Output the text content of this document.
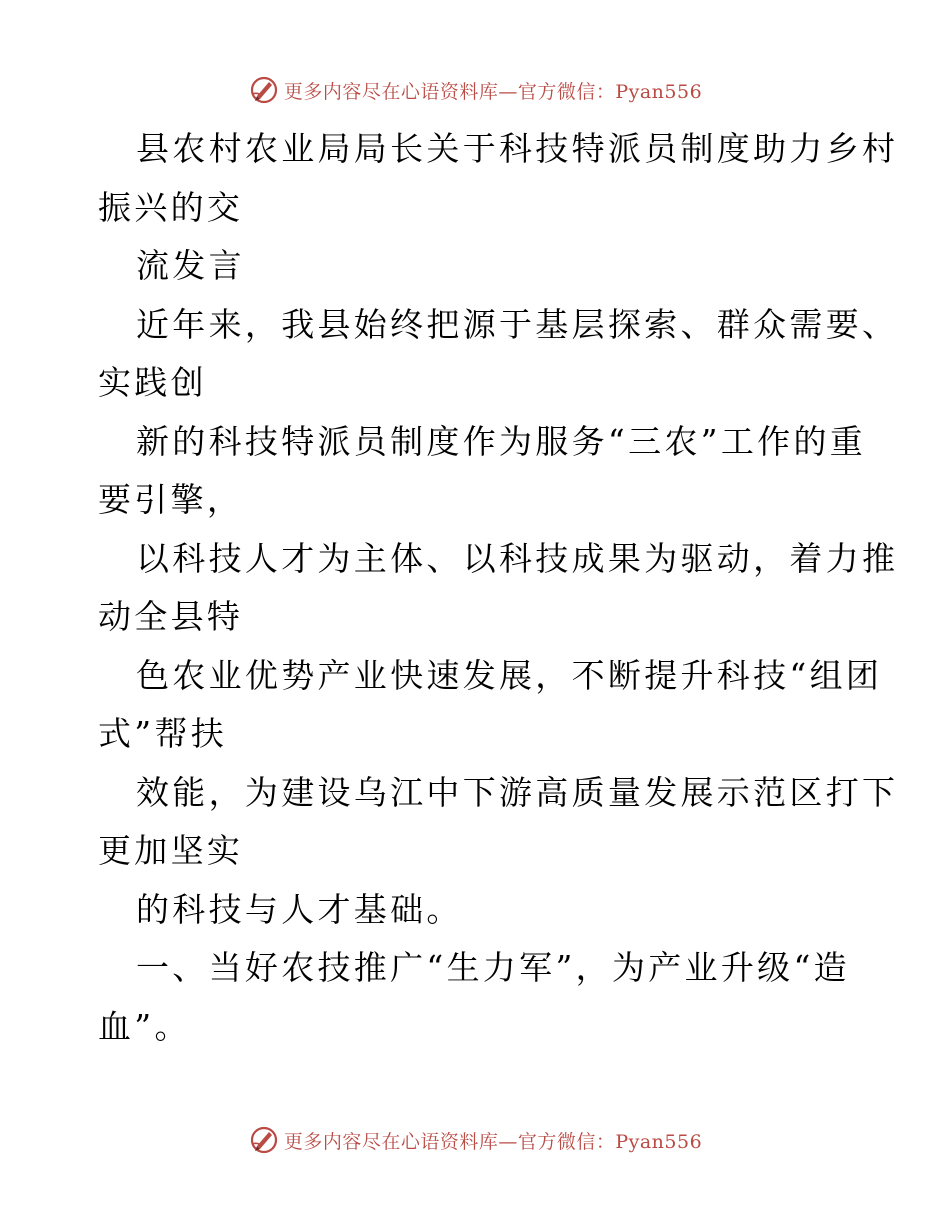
更多内容尽在心语资料库—官方微信：Pyan556
县农村农业局局长关于科技特派员制度助力乡村
振兴的交
流发言
近年来，我县始终把源于基层探索、群众需要、
实践创
新的科技特派员制度作为服务“三农”工作的重
要引擎，
以科技人才为主体、以科技成果为驱动，着力推
动全县特
色农业优势产业快速发展，不断提升科技“组团
式”帮扶
效能，为建设乌江中下游高质量发展示范区打下
更加坚实
的科技与人才基础。
一、当好农技推广“生力军”，为产业升级“造
血”。
更多内容尽在心语资料库—官方微信：Pyan556
